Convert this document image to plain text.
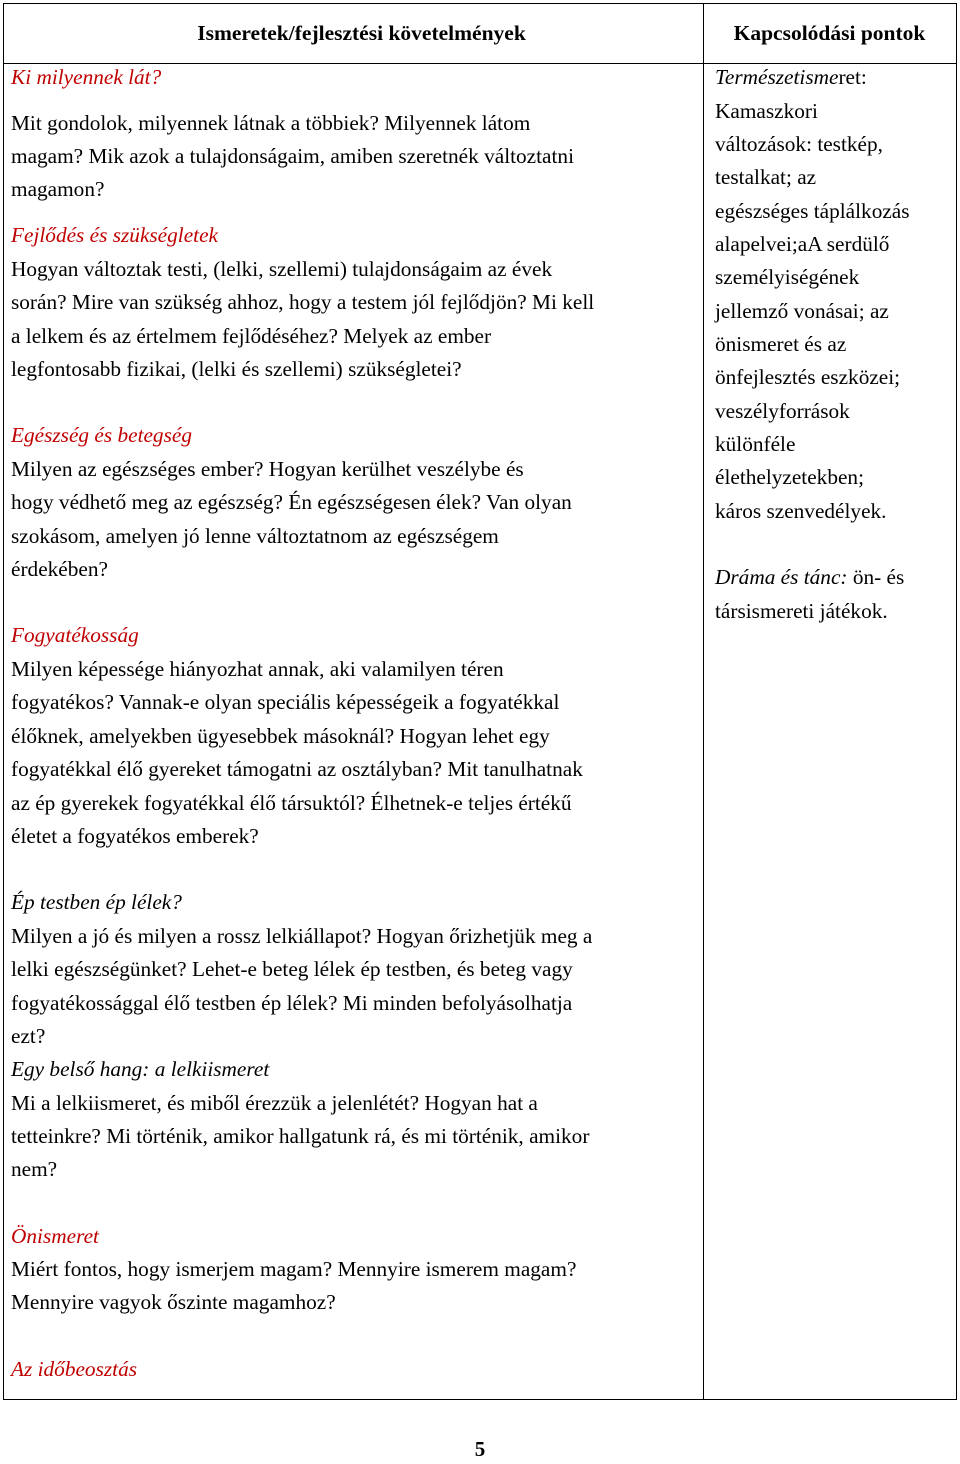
Ismeretek/fejlesztési követelmények	Kapcsolódási pontok
Ki milyennek lát?
Mit gondolok, milyennek látnak a többiek? Milyennek látom
magam? Mik azok a tulajdonságaim, amiben szeretnék változtatni
magamon?
Fejlődés és szükségletek
Hogyan változtak testi, (lelki, szellemi) tulajdonságaim az évek
során? Mire van szükség ahhoz, hogy a testem jól fejlődjön? Mi kell
a lelkem és az értelmem fejlődéséhez? Melyek az ember
legfontosabb fizikai, (lelki és szellemi) szükségletei?
Egészség és betegség
Milyen az egészséges ember? Hogyan kerülhet veszélybe és
hogy védhető meg az egészség? Én egészségesen élek? Van olyan
szokásom, amelyen jó lenne változtatnom az egészségem
érdekében?
Fogyatékosság
Milyen képessége hiányozhat annak, aki valamilyen téren
fogyatékos? Vannak-e olyan speciális képességeik a fogyatékkal
élőknek, amelyekben ügyesebbek másoknál? Hogyan lehet egy
fogyatékkal élő gyereket támogatni az osztályban? Mit tanulhatnak
az ép gyerekek fogyatékkal élő társuktól? Élhetnek-e teljes értékű
életet a fogyatékos emberek?
Ép testben ép lélek?
Milyen a jó és milyen a rossz lelkiállapot? Hogyan őrizhetjük meg a
lelki egészségünket? Lehet-e beteg lélek ép testben, és beteg vagy
fogyatékossággal élő testben ép lélek? Mi minden befolyásolhatja
ezt?
Egy belső hang: a lelkiismeret
Mi a lelkiismeret, és miből érezzük a jelenlétét? Hogyan hat a
tetteinkre? Mi történik, amikor hallgatunk rá, és mi történik, amikor
nem?
Önismeret
Miért fontos, hogy ismerjem magam? Mennyire ismerem magam?
Mennyire vagyok őszinte magamhoz?
Az időbeosztás
Természetismeret:
Kamaszkori
változások: testkép,
testalkat; az
egészséges táplálkozás
alapelvei;aA serdülő
személyiségének
jellemző vonásai; az
önismeret és az
önfejlesztés eszközei;
veszélyforrások
különféle
élethelyzetekben;
káros szenvedélyek.
Dráma és tánc: ön- és
társismereti játékok.
5
